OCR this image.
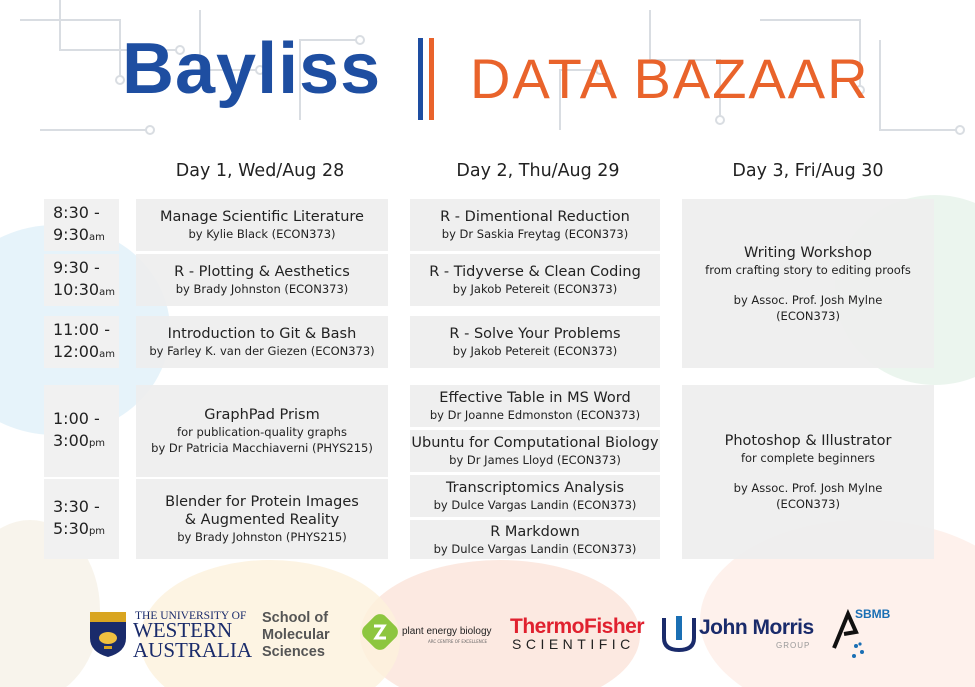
Bayliss DATA BAZAAR
Day 1, Wed/Aug 28	Day 2, Thu/Aug 29	Day 3, Fri/Aug 30
8:30 -
9:30am
9:30 -
10:30am
11:00 -
12:00am
1:00 -
3:00pm
3:30 -
5:30pm
Manage Scientific Literature
by Kylie Black (ECON373)
R - Plotting & Aesthetics
by Brady Johnston (ECON373)
Introduction to Git & Bash
by Farley K. van der Giezen (ECON373)
GraphPad Prism
for publication-quality graphs
by Dr Patricia Macchiaverni (PHYS215)
Blender for Protein Images
& Augmented Reality
by Brady Johnston (PHYS215)
R - Dimentional Reduction
by Dr Saskia Freytag (ECON373)
R - Tidyverse & Clean Coding
by Jakob Petereit (ECON373)
R - Solve Your Problems
by Jakob Petereit (ECON373)
Effective Table in MS Word
by Dr Joanne Edmonston (ECON373)
Ubuntu for Computational Biology
by Dr James Lloyd (ECON373)
Transcriptomics Analysis
by Dulce Vargas Landin (ECON373)
R Markdown
by Dulce Vargas Landin (ECON373)
Writing Workshop
from crafting story to editing proofs
by Assoc. Prof. Josh Mylne
(ECON373)
Photoshop & Illustrator
for complete beginners
by Assoc. Prof. Josh Mylne
(ECON373)
THE UNIVERSITY OF
WESTERN
AUSTRALIA
School of
Molecular
Sciences
plant energy biology
ARC CENTRE OF EXCELLENCE
ThermoFisher
SCIENTIFIC
John Morris
GROUP
SBMB
